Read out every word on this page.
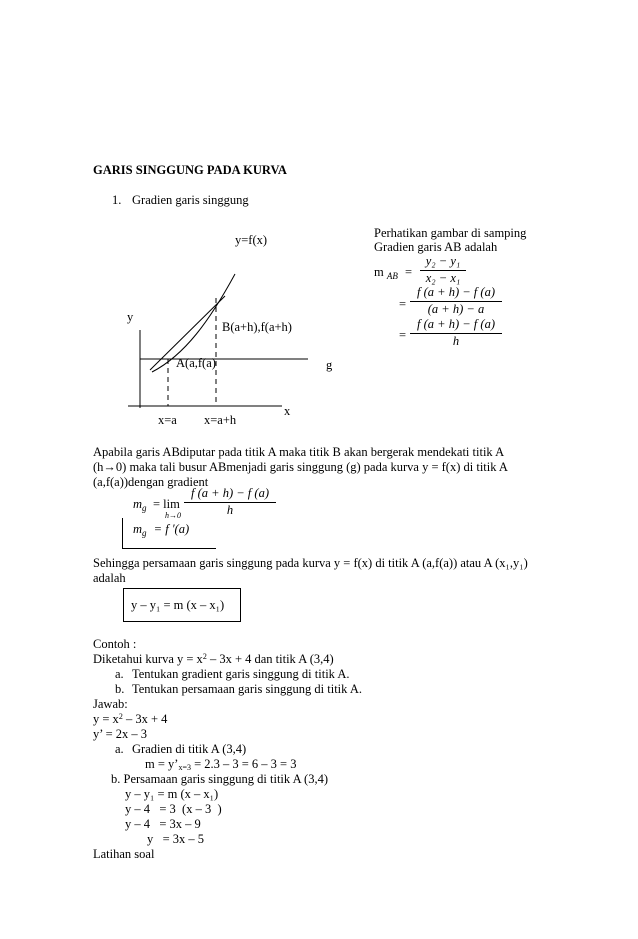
GARIS SINGGUNG PADA KURVA
1. Gradien garis singgung
y=f(x)
y
B(a+h),f(a+h)
A(a,f(a)	g
x
x=a x=a+h
Perhatikan gambar di samping
Gradien garis AB adalah
m $_{AB}$ =
y₂ − y₁
x₂ − x₁
=
f (a + h) − f (a)
(a + h) − a
=
f (a + h) − f (a)
h
Apabila garis ABdiputar pada titik A maka titik B akan bergerak mendekati titik A
(h→0) maka tali busur ABmenjadi garis singgung (g) pada kurva y = f(x) di titik A
(a,f(a))dengan gradient
$m_g = \lim$
h→0
f (a + h) − f (a)
h
$m_g = f$ ′(a)
Sehingga persamaan garis singgung pada kurva y = f(x) di titik A (a,f(a)) atau A (x₁,y₁)
adalah
y – y₁ = m (x – x₁)
Contoh :
Diketahui kurva $y = x^2 - 3x + 4$ dan titik A (3,4)
a. Tentukan gradient garis singgung di titik A.
b. Tentukan persamaan garis singgung di titik A.
Jawab:
$y = x^2 - 3x + 4$
y’ = 2x – 3
a. Gradien di titik A (3,4)
$m = y’_{x=3} = 2.3 - 3 = 6 - 3 = 3$
b. Persamaan garis singgung di titik A (3,4)
y – y₁ = m (x – x₁)
y – 4   = 3  (x – 3  )
y – 4   = 3x – 9
y   = 3x – 5
Latihan soal
